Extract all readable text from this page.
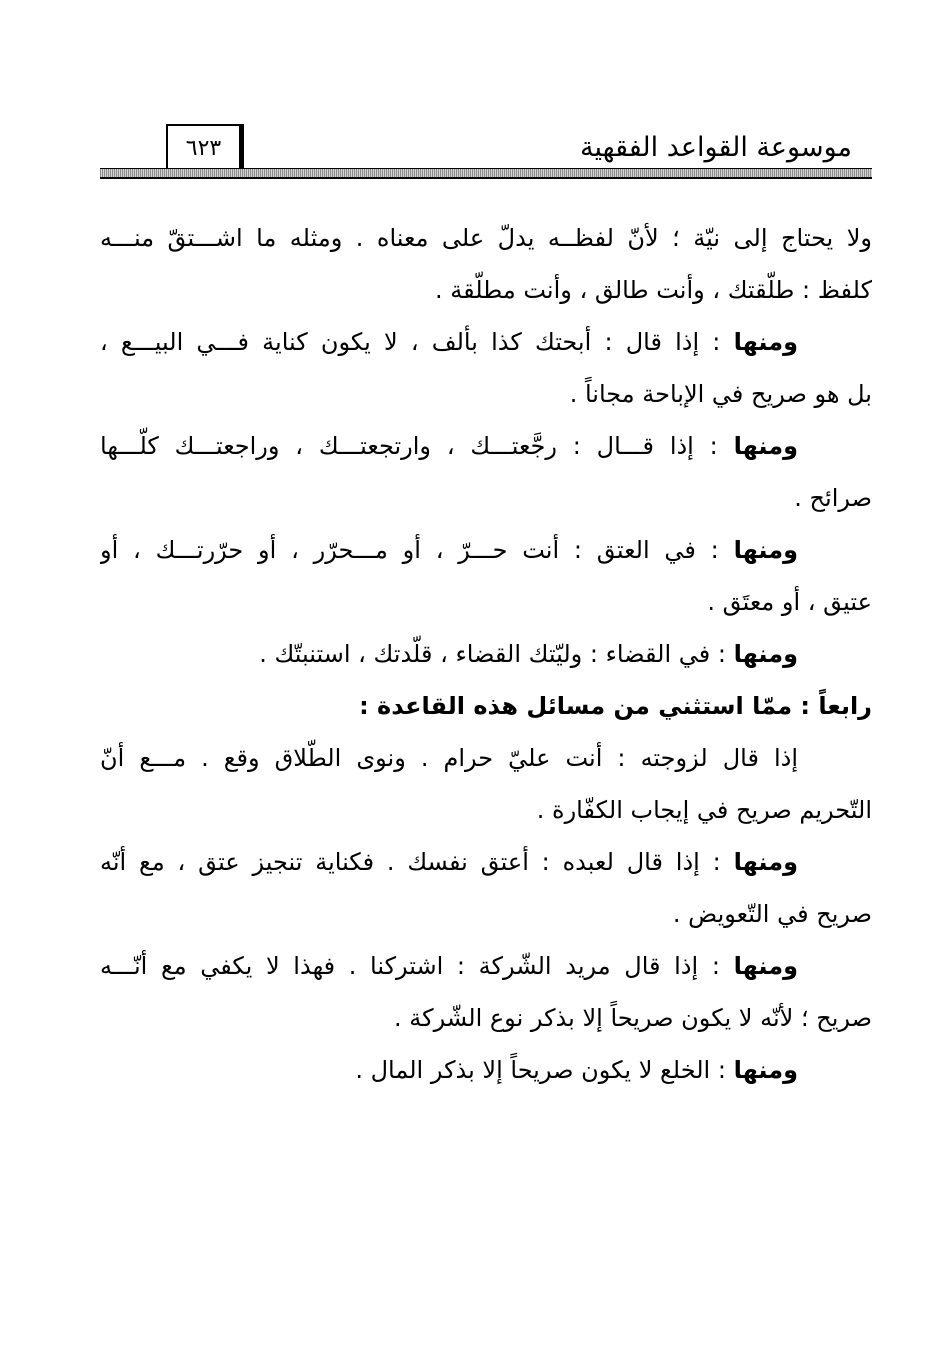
موسوعة القواعد الفقهية
٦٢٣
ولا يحتاج إلى نيّة ؛ لأنّ لفظــه يدلّ على معناه . ومثله ما اشـــتقّ منـــه
كلفظ : طلّقتك ، وأنت طالق ، وأنت مطلّقة .
ومنها : إذا قال : أبحتك كذا بألف ، لا يكون كناية فـــي البيـــع ،
بل هو صريح في الإباحة مجاناً .
ومنها : إذا قـــال : رجَّعتـــك ، وارتجعتـــك ، وراجعتـــك كلّـــها
صرائح .
ومنها : في العتق : أنت حـــرّ ، أو مـــحرّر ، أو حرّرتـــك ، أو
عتيق ، أو معتَق .
ومنها : في القضاء : وليّتك القضاء ، قلّدتك ، استنبتّك .
رابعاً : ممّا استثني من مسائل هذه القاعدة :
إذا قال لزوجته : أنت عليّ حرام . ونوى الطّلاق وقع . مـــع أنّ
التّحريم صريح في إيجاب الكفّارة .
ومنها : إذا قال لعبده : أعتق نفسك . فكناية تنجيز عتق ، مع أنّه
صريح في التّعويض .
ومنها : إذا قال مريد الشّركة : اشتركنا . فهذا لا يكفي مع أنّـــه
صريح ؛ لأنّه لا يكون صريحاً إلا بذكر نوع الشّركة .
ومنها : الخلع لا يكون صريحاً إلا بذكر المال .
